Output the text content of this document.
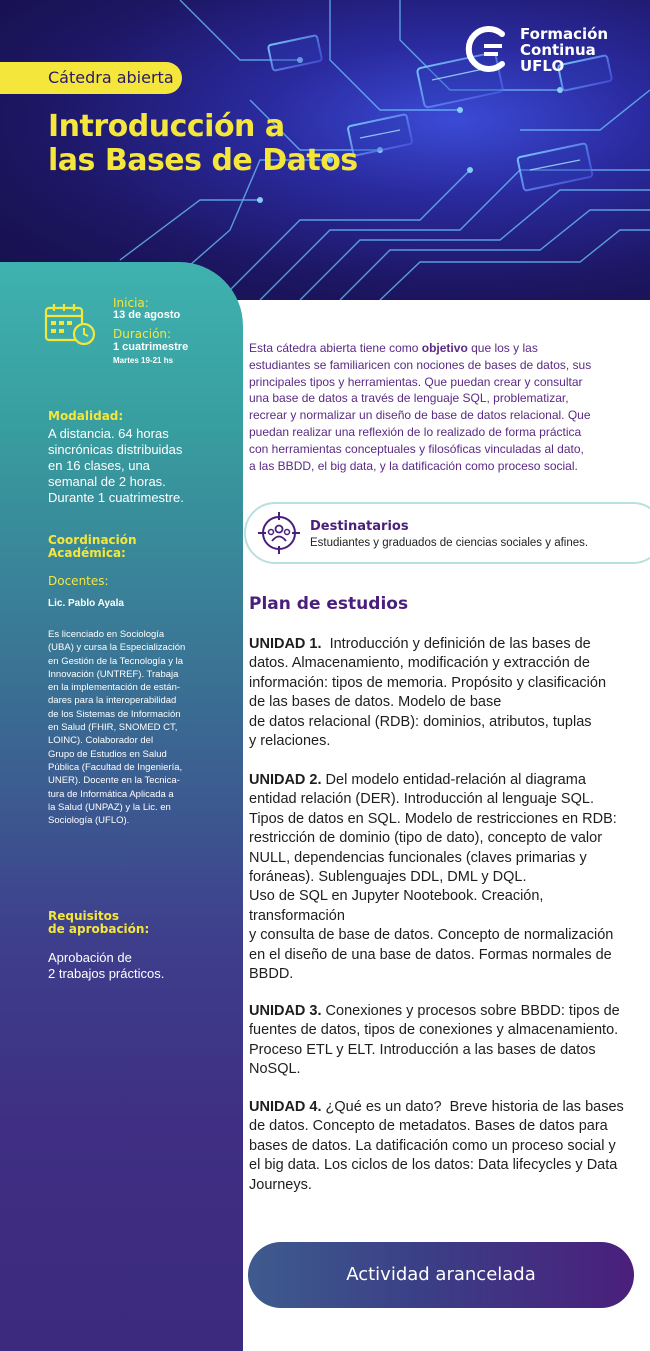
Cátedra abierta
Introducción a
las Bases de Datos
Formación
Continua
UFLO
Inicia:
13 de agosto
Duración:
1 cuatrimestre
Martes 19-21 hs
Modalidad:
A distancia. 64 horas
sincrónicas distribuidas
en 16 clases, una
semanal de 2 horas.
Durante 1 cuatrimestre.
Coordinación
Académica:
Docentes:
Lic. Pablo Ayala
Es licenciado en Sociología
(UBA) y cursa la Especialización
en Gestión de la Tecnología y la
Innovación (UNTREF). Trabaja
en la implementación de están-
dares para la interoperabilidad
de los Sistemas de Información
en Salud (FHIR, SNOMED CT,
LOINC). Colaborador del
Grupo de Estudios en Salud
Pública (Facultad de Ingeniería,
UNER). Docente en la Tecnica-
tura de Informática Aplicada a
la Salud (UNPAZ) y la Lic. en
Sociología (UFLO).
Requisitos
de aprobación:
Aprobación de
2 trabajos prácticos.
Esta cátedra abierta tiene como objetivo que los y las
estudiantes se familiaricen con nociones de bases de datos, sus
principales tipos y herramientas. Que puedan crear y consultar
una base de datos a través de lenguaje SQL, problematizar,
recrear y normalizar un diseño de base de datos relacional. Que
puedan realizar una reflexión de lo realizado de forma práctica
con herramientas conceptuales y filosóficas vinculadas al dato,
a las BBDD, el big data, y la datificación como proceso social.
Destinatarios
Estudiantes y graduados de ciencias sociales y afines.
Plan de estudios
UNIDAD 1.  Introducción y definición de las bases de
datos. Almacenamiento, modificación y extracción de
información: tipos de memoria. Propósito y clasificación
de las bases de datos. Modelo de base
de datos relacional (RDB): dominios, atributos, tuplas
y relaciones.
UNIDAD 2. Del modelo entidad-relación al diagrama
entidad relación (DER). Introducción al lenguaje SQL.
Tipos de datos en SQL. Modelo de restricciones en RDB:
restricción de dominio (tipo de dato), concepto de valor
NULL, dependencias funcionales (claves primarias y
foráneas). Sublenguajes DDL, DML y DQL.
Uso de SQL en Jupyter Nootebook. Creación,
transformación
y consulta de base de datos. Concepto de normalización
en el diseño de una base de datos. Formas normales de
BBDD.
UNIDAD 3. Conexiones y procesos sobre BBDD: tipos de
fuentes de datos, tipos de conexiones y almacenamiento.
Proceso ETL y ELT. Introducción a las bases de datos
NoSQL.
UNIDAD 4. ¿Qué es un dato?  Breve historia de las bases
de datos. Concepto de metadatos. Bases de datos para
bases de datos. La datificación como un proceso social y
el big data. Los ciclos de los datos: Data lifecycles y Data
Journeys.
Actividad arancelada
